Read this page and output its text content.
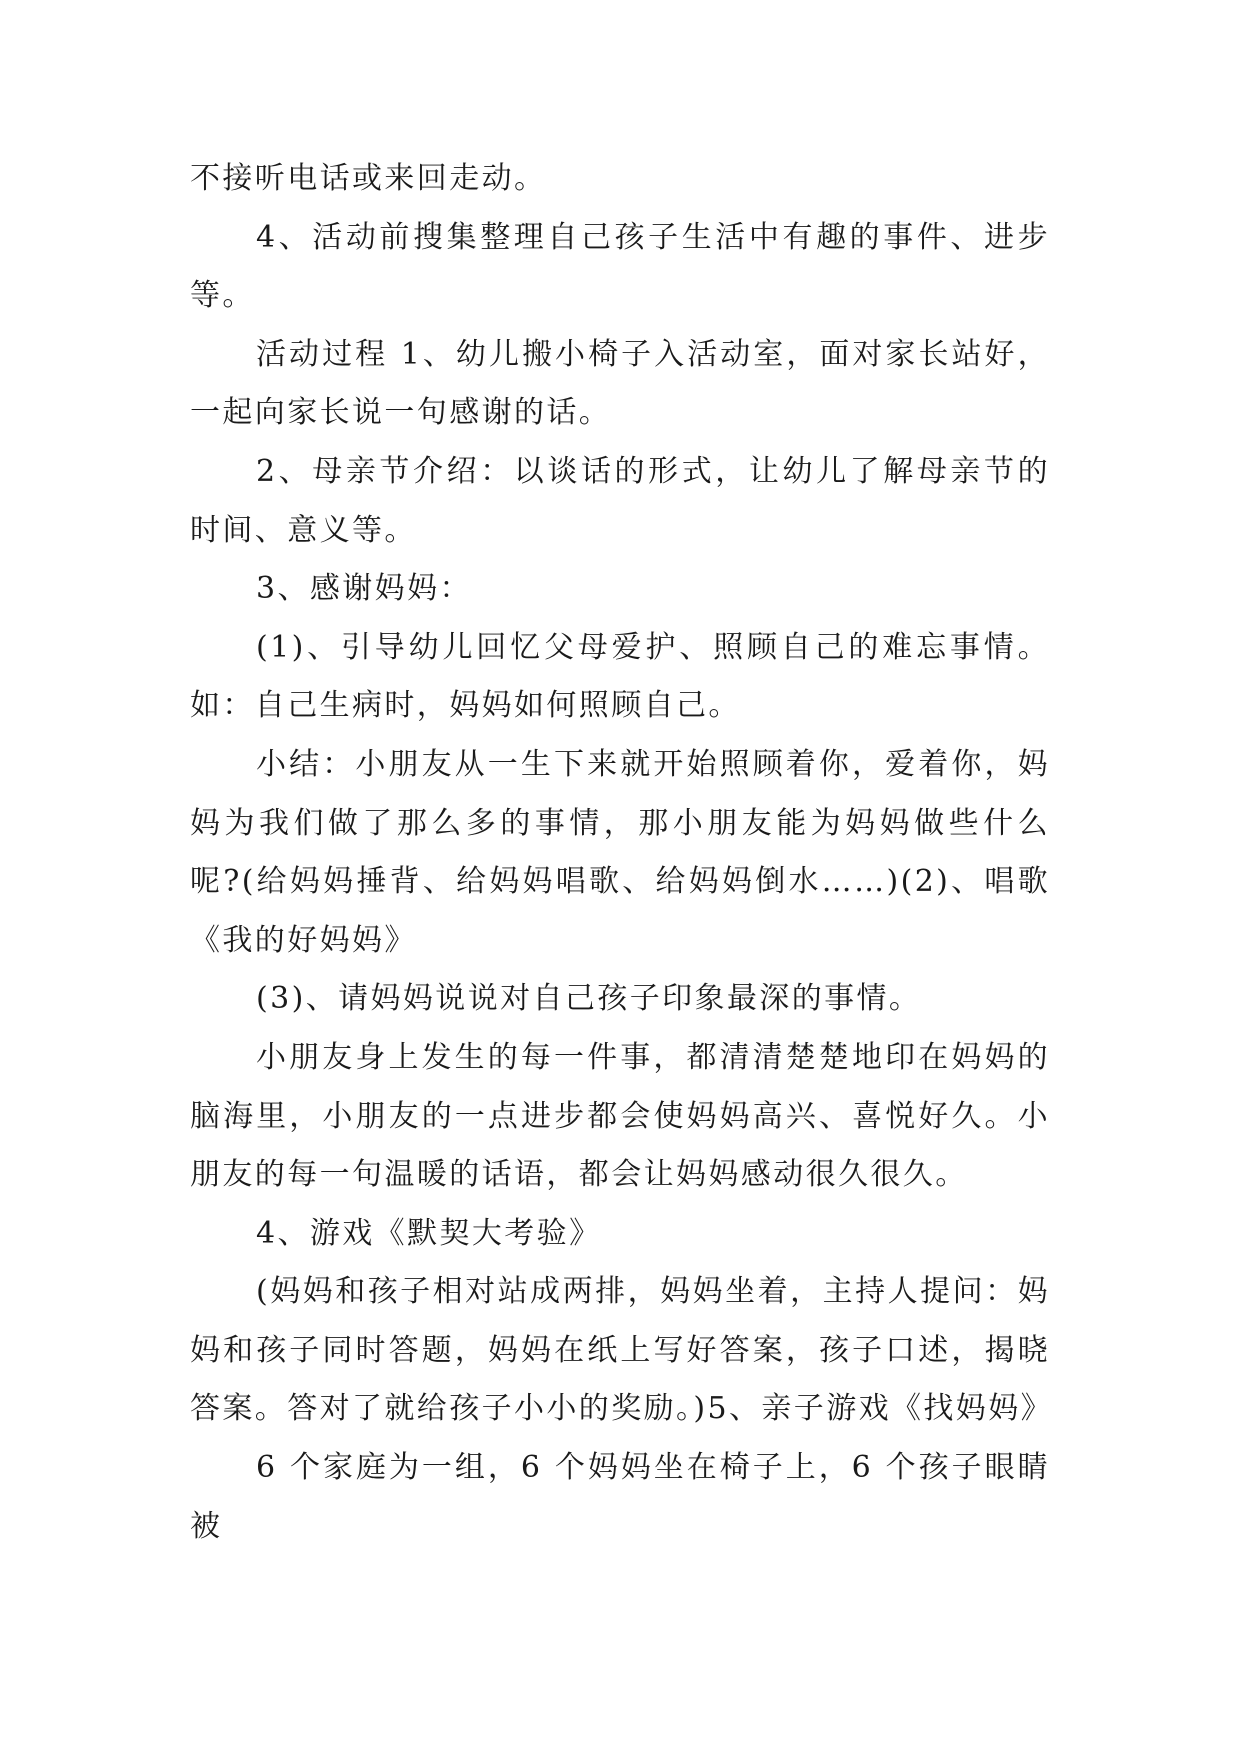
不接听电话或来回走动。

4、活动前搜集整理自己孩子生活中有趣的事件、进步等。

活动过程 1、幼儿搬小椅子入活动室，面对家长站好，一起向家长说一句感谢的话。

2、母亲节介绍：以谈话的形式，让幼儿了解母亲节的时间、意义等。

3、感谢妈妈：

(1)、引导幼儿回忆父母爱护、照顾自己的难忘事情。如：自己生病时，妈妈如何照顾自己。

小结：小朋友从一生下来就开始照顾着你，爱着你，妈妈为我们做了那么多的事情，那小朋友能为妈妈做些什么呢?(给妈妈捶背、给妈妈唱歌、给妈妈倒水……)(2)、唱歌《我的好妈妈》

(3)、请妈妈说说对自己孩子印象最深的事情。

小朋友身上发生的每一件事，都清清楚楚地印在妈妈的脑海里，小朋友的一点进步都会使妈妈高兴、喜悦好久。小朋友的每一句温暖的话语，都会让妈妈感动很久很久。

4、游戏《默契大考验》

(妈妈和孩子相对站成两排，妈妈坐着，主持人提问：妈妈和孩子同时答题，妈妈在纸上写好答案，孩子口述，揭晓答案。答对了就给孩子小小的奖励。)5、亲子游戏《找妈妈》

6 个家庭为一组，6 个妈妈坐在椅子上，6 个孩子眼睛被
